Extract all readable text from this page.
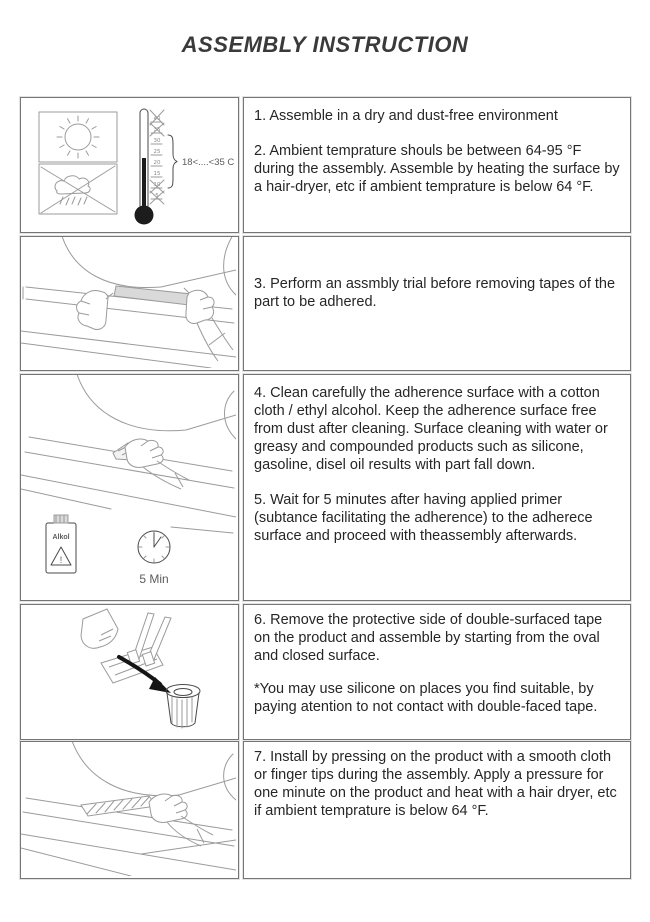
ASSEMBLY INSTRUCTION
40
35
30
25
20
15
10
5
18<....<35 C

1. Assemble in a dry and dust-free environment

2. Ambient temprature shouls be between 64-95 °F during the assembly. Assemble by heating the surface by a hair-dryer, etc if ambient temprature is below 64 °F.

3. Perform an assmbly trial before removing tapes of the part to be adhered.

Alkol
!
5 Min

4. Clean carefully the adherence surface with a cotton cloth / ethyl alcohol. Keep the adherence surface free from dust after cleaning. Surface cleaning with water or greasy and compounded products such as silicone, gasoline, disel oil results with part fall down.

5. Wait for 5 minutes after having applied primer (subtance facilitating the adherence) to the adherece surface and proceed with theassembly afterwards.

6. Remove the protective side of double-surfaced tape on the product and assemble by starting from the oval and closed surface.

*You may use silicone on places you find suitable, by paying atention to not contact with double-faced tape.

7. Install by pressing on the product with a smooth cloth or finger tips during the assembly. Apply a pressure for one minute on the product and heat with a hair dryer, etc if ambient temprature is below 64 °F.
